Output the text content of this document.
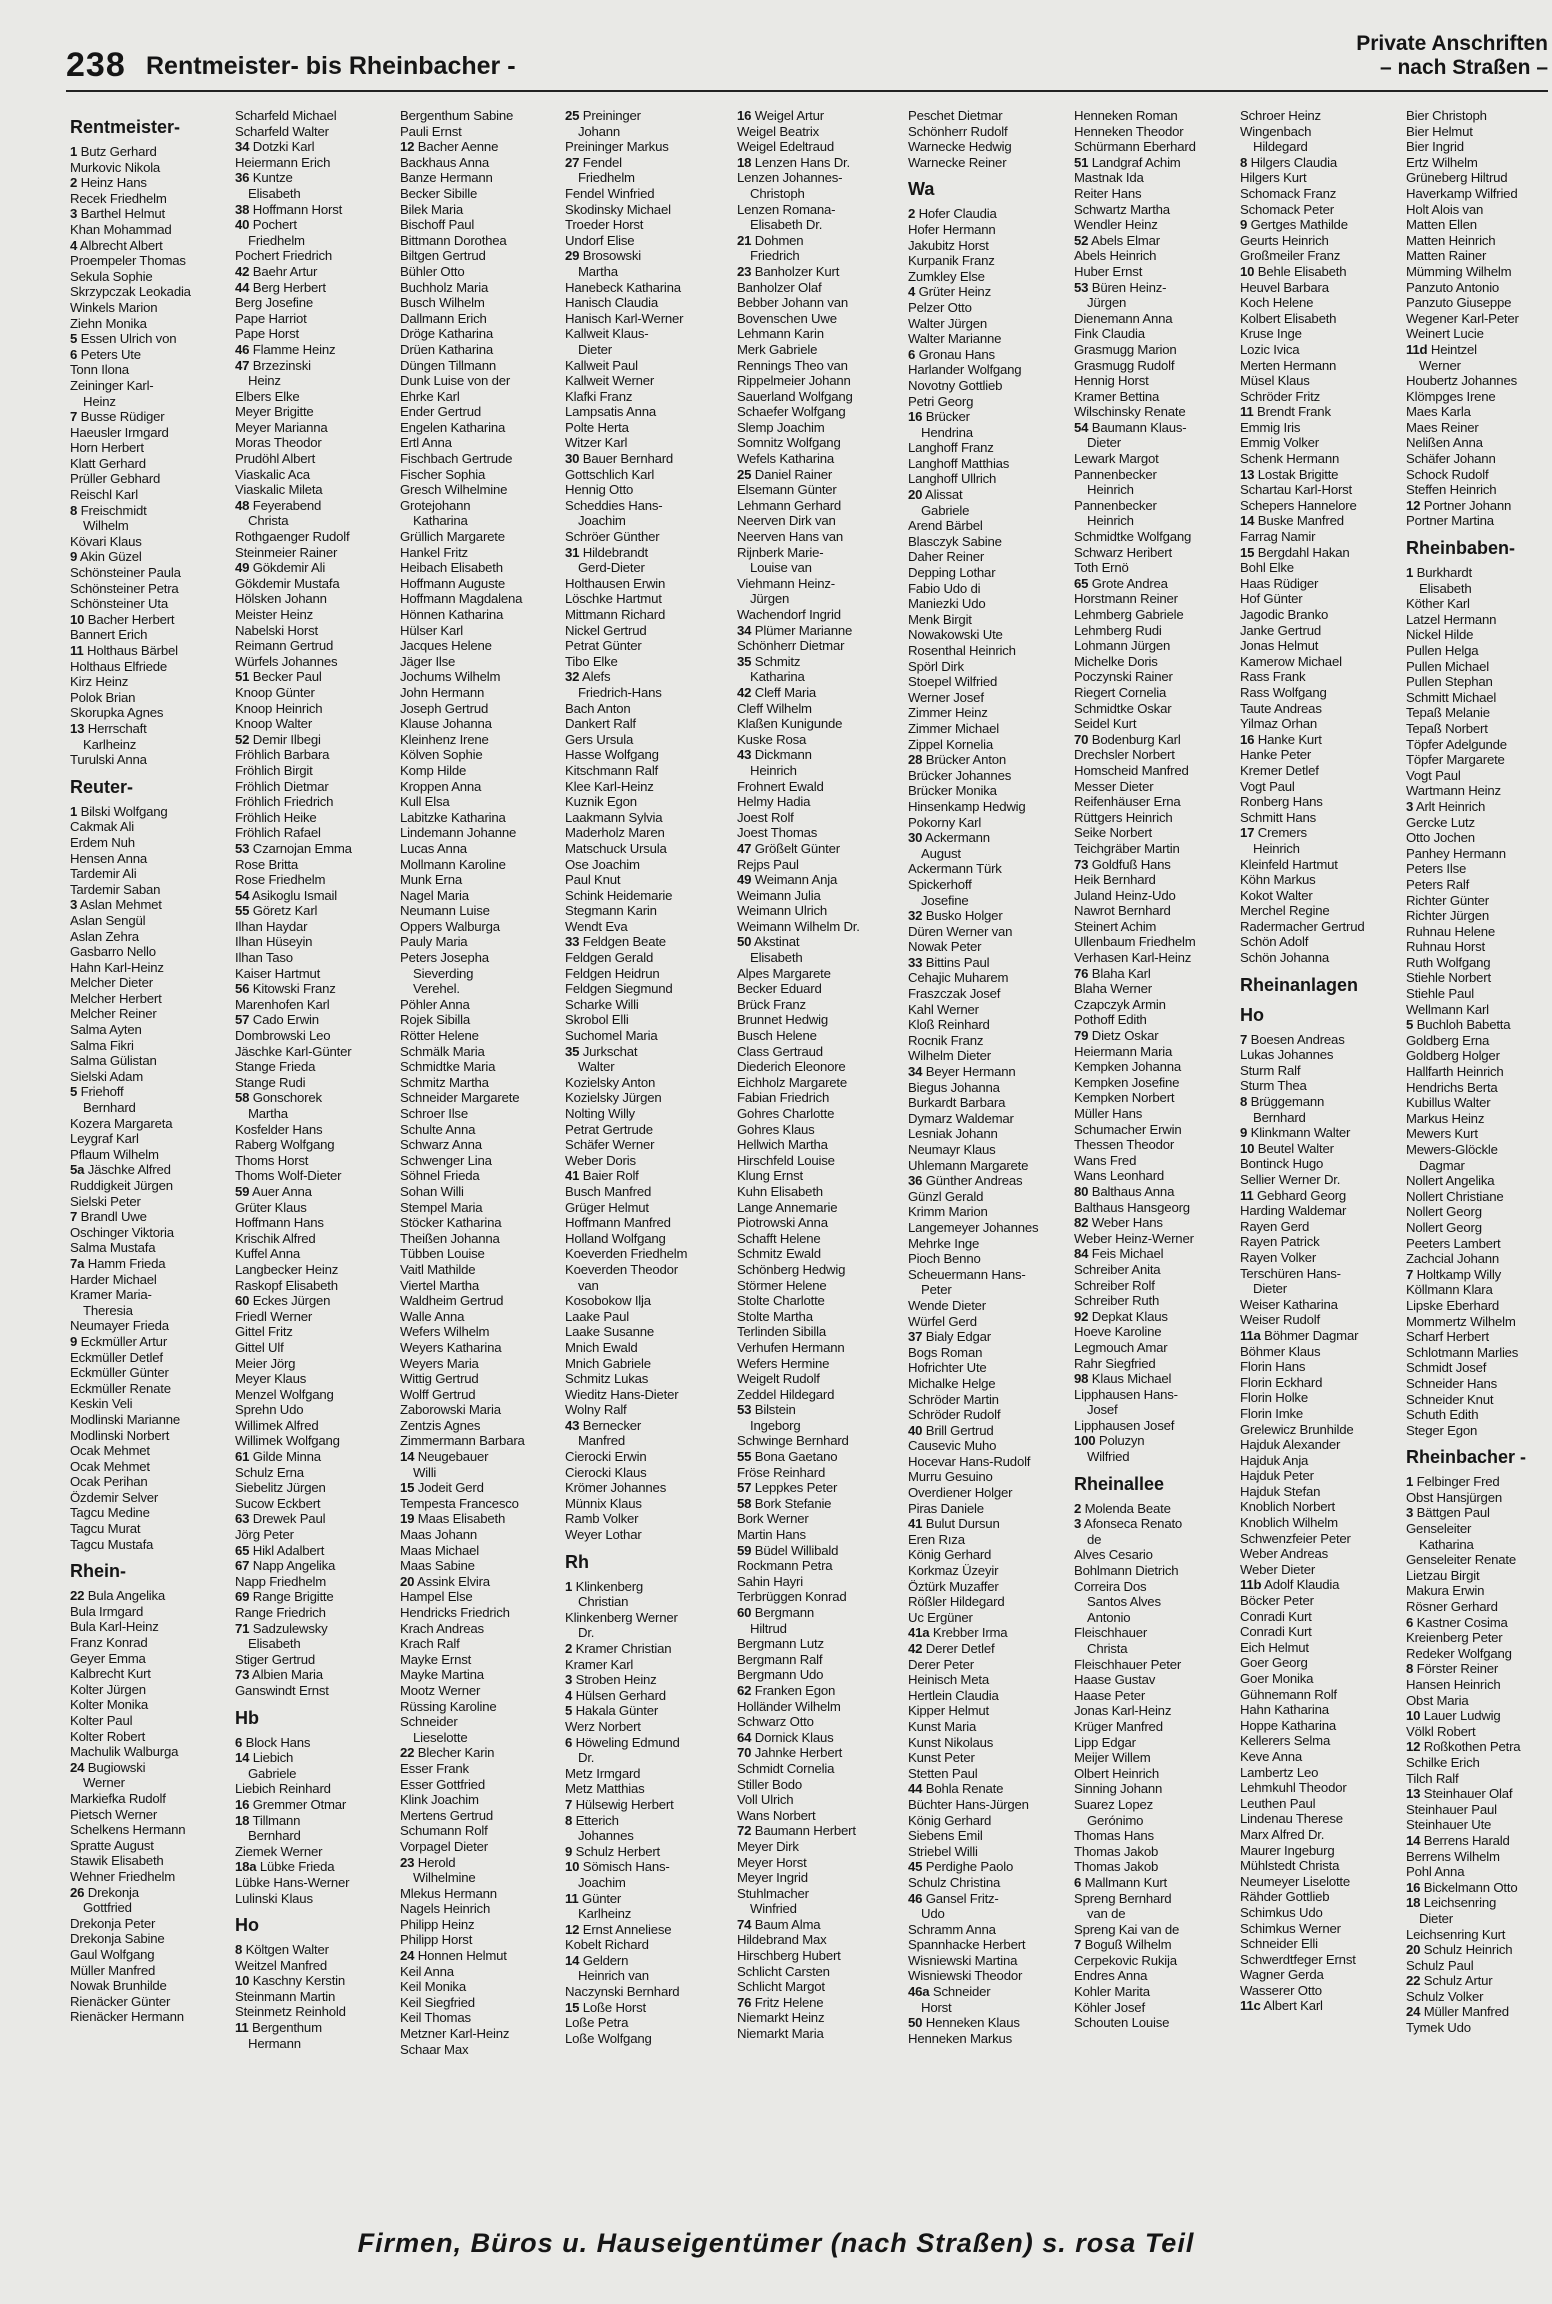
238 Rentmeister- bis Rheinbacher -
Private Anschriften
– nach Straßen –
Rentmeister-
1 Butz Gerhard
Murkovic Nikola
2 Heinz Hans
Recek Friedhelm
3 Barthel Helmut
Khan Mohammad
4 Albrecht Albert
Proempeler Thomas
Sekula Sophie
Skrzypczak Leokadia
Winkels Marion
Ziehn Monika
5 Essen Ulrich von
6 Peters Ute
Tonn Ilona
Zeininger Karl-
Heinz
7 Busse Rüdiger
Haeusler Irmgard
Horn Herbert
Klatt Gerhard
Prüller Gebhard
Reischl Karl
8 Freischmidt
Wilhelm
Kövari Klaus
9 Akin Güzel
Schönsteiner Paula
Schönsteiner Petra
Schönsteiner Uta
10 Bacher Herbert
Bannert Erich
11 Holthaus Bärbel
Holthaus Elfriede
Kirz Heinz
Polok Brian
Skorupka Agnes
13 Herrschaft
Karlheinz
Turulski Anna
Reuter-
1 Bilski Wolfgang
Cakmak Ali
Erdem Nuh
Hensen Anna
Tardemir Ali
Tardemir Saban
3 Aslan Mehmet
Aslan Sengül
Aslan Zehra
Gasbarro Nello
Hahn Karl-Heinz
Melcher Dieter
Melcher Herbert
Melcher Reiner
Salma Ayten
Salma Fikri
Salma Gülistan
Sielski Adam
5 Friehoff
Bernhard
Kozera Margareta
Leygraf Karl
Pflaum Wilhelm
5a Jäschke Alfred
Ruddigkeit Jürgen
Sielski Peter
7 Brandl Uwe
Oschinger Viktoria
Salma Mustafa
7a Hamm Frieda
Harder Michael
Kramer Maria-
Theresia
Neumayer Frieda
9 Eckmüller Artur
Eckmüller Detlef
Eckmüller Günter
Eckmüller Renate
Keskin Veli
Modlinski Marianne
Modlinski Norbert
Ocak Mehmet
Ocak Mehmet
Ocak Perihan
Özdemir Selver
Tagcu Medine
Tagcu Murat
Tagcu Mustafa
Rhein-
22 Bula Angelika
Bula Irmgard
Bula Karl-Heinz
Franz Konrad
Geyer Emma
Kalbrecht Kurt
Kolter Jürgen
Kolter Monika
Kolter Paul
Kolter Robert
Machulik Walburga
24 Bugiowski
Werner
Markiefka Rudolf
Pietsch Werner
Schelkens Hermann
Spratte August
Stawik Elisabeth
Wehner Friedhelm
26 Drekonja
Gottfried
Drekonja Peter
Drekonja Sabine
Gaul Wolfgang
Müller Manfred
Nowak Brunhilde
Rienäcker Günter
Rienäcker Hermann
Scharfeld Michael
Scharfeld Walter
34 Dotzki Karl
Heiermann Erich
36 Kuntze
Elisabeth
38 Hoffmann Horst
40 Pochert
Friedhelm
Pochert Friedrich
42 Baehr Artur
44 Berg Herbert
Berg Josefine
Pape Harriot
Pape Horst
46 Flamme Heinz
47 Brzezinski
Heinz
Elbers Elke
Meyer Brigitte
Meyer Marianna
Moras Theodor
Prudöhl Albert
Viaskalic Aca
Viaskalic Mileta
48 Feyerabend
Christa
Rothgaenger Rudolf
Steinmeier Rainer
49 Gökdemir Ali
Gökdemir Mustafa
Hölsken Johann
Meister Heinz
Nabelski Horst
Reimann Gertrud
Würfels Johannes
51 Becker Paul
Knoop Günter
Knoop Heinrich
Knoop Walter
52 Demir Ilbegi
Fröhlich Barbara
Fröhlich Birgit
Fröhlich Dietmar
Fröhlich Friedrich
Fröhlich Heike
Fröhlich Rafael
53 Czarnojan Emma
Rose Britta
Rose Friedhelm
54 Asikoglu Ismail
55 Göretz Karl
Ilhan Haydar
Ilhan Hüseyin
Ilhan Taso
Kaiser Hartmut
56 Kitowski Franz
Marenhofen Karl
57 Cado Erwin
Dombrowski Leo
Jäschke Karl-Günter
Stange Frieda
Stange Rudi
58 Gonschorek
Martha
Kosfelder Hans
Raberg Wolfgang
Thoms Horst
Thoms Wolf-Dieter
59 Auer Anna
Grüter Klaus
Hoffmann Hans
Krischik Alfred
Kuffel Anna
Langbecker Heinz
Raskopf Elisabeth
60 Eckes Jürgen
Friedl Werner
Gittel Fritz
Gittel Ulf
Meier Jörg
Meyer Klaus
Menzel Wolfgang
Sprehn Udo
Willimek Alfred
Willimek Wolfgang
61 Gilde Minna
Schulz Erna
Siebelitz Jürgen
Sucow Eckbert
63 Drewek Paul
Jörg Peter
65 Hikl Adalbert
67 Napp Angelika
Napp Friedhelm
69 Range Brigitte
Range Friedrich
71 Sadzulewsky
Elisabeth
Stiger Gertrud
73 Albien Maria
Ganswindt Ernst
Hb
6 Block Hans
14 Liebich
Gabriele
Liebich Reinhard
16 Gremmer Otmar
18 Tillmann
Bernhard
Ziemek Werner
18a Lübke Frieda
Lübke Hans-Werner
Lulinski Klaus
Ho
8 Költgen Walter
Weitzel Manfred
10 Kaschny Kerstin
Steinmann Martin
Steinmetz Reinhold
11 Bergenthum
Hermann
Bergenthum Sabine
Pauli Ernst
12 Bacher Aenne
Backhaus Anna
Banze Hermann
Becker Sibille
Bilek Maria
Bischoff Paul
Bittmann Dorothea
Biltgen Gertrud
Bühler Otto
Buchholz Maria
Busch Wilhelm
Dallmann Erich
Dröge Katharina
Drüen Katharina
Düngen Tillmann
Dunk Luise von der
Ehrke Karl
Ender Gertrud
Engelen Katharina
Ertl Anna
Fischbach Gertrude
Fischer Sophia
Gresch Wilhelmine
Grotejohann
Katharina
Grüllich Margarete
Hankel Fritz
Heibach Elisabeth
Hoffmann Auguste
Hoffmann Magdalena
Hönnen Katharina
Hülser Karl
Jacques Helene
Jäger Ilse
Jochums Wilhelm
John Hermann
Joseph Gertrud
Klause Johanna
Kleinhenz Irene
Kölven Sophie
Komp Hilde
Kroppen Anna
Kull Elsa
Labitzke Katharina
Lindemann Johanne
Lucas Anna
Mollmann Karoline
Munk Erna
Nagel Maria
Neumann Luise
Oppers Walburga
Pauly Maria
Peters Josepha
Sieverding
Verehel.
Pöhler Anna
Rojek Sibilla
Rötter Helene
Schmälk Maria
Schmidtke Maria
Schmitz Martha
Schneider Margarete
Schroer Ilse
Schulte Anna
Schwarz Anna
Schwenger Lina
Söhnel Frieda
Sohan Willi
Stempel Maria
Stöcker Katharina
Theißen Johanna
Tübben Louise
Vaitl Mathilde
Viertel Martha
Waldheim Gertrud
Walle Anna
Wefers Wilhelm
Weyers Katharina
Weyers Maria
Wittig Gertrud
Wolff Gertrud
Zaborowski Maria
Zentzis Agnes
Zimmermann Barbara
14 Neugebauer
Willi
15 Jodeit Gerd
Tempesta Francesco
19 Maas Elisabeth
Maas Johann
Maas Michael
Maas Sabine
20 Assink Elvira
Hampel Else
Hendricks Friedrich
Krach Andreas
Krach Ralf
Mayke Ernst
Mayke Martina
Mootz Werner
Rüssing Karoline
Schneider
Lieselotte
22 Blecher Karin
Esser Frank
Esser Gottfried
Klink Joachim
Mertens Gertrud
Schumann Rolf
Vorpagel Dieter
23 Herold
Wilhelmine
Mlekus Hermann
Nagels Heinrich
Philipp Heinz
Philipp Horst
24 Honnen Helmut
Keil Anna
Keil Monika
Keil Siegfried
Keil Thomas
Metzner Karl-Heinz
Schaar Max
25 Preininger
Johann
Preininger Markus
27 Fendel
Friedhelm
Fendel Winfried
Skodinsky Michael
Troeder Horst
Undorf Elise
29 Brosowski
Martha
Hanebeck Katharina
Hanisch Claudia
Hanisch Karl-Werner
Kallweit Klaus-
Dieter
Kallweit Paul
Kallweit Werner
Klafki Franz
Lampsatis Anna
Polte Herta
Witzer Karl
30 Bauer Bernhard
Gottschlich Karl
Hennig Otto
Scheddies Hans-
Joachim
Schröer Günther
31 Hildebrandt
Gerd-Dieter
Holthausen Erwin
Löschke Hartmut
Mittmann Richard
Nickel Gertrud
Petrat Günter
Tibo Elke
32 Alefs
Friedrich-Hans
Bach Anton
Dankert Ralf
Gers Ursula
Hasse Wolfgang
Kitschmann Ralf
Klee Karl-Heinz
Kuznik Egon
Laakmann Sylvia
Maderholz Maren
Matschuck Ursula
Ose Joachim
Paul Knut
Schink Heidemarie
Stegmann Karin
Wendt Eva
33 Feldgen Beate
Feldgen Gerald
Feldgen Heidrun
Feldgen Siegmund
Scharke Willi
Skrobol Elli
Suchomel Maria
35 Jurkschat
Walter
Kozielsky Anton
Kozielsky Jürgen
Nolting Willy
Petrat Gertrude
Schäfer Werner
Weber Doris
41 Baier Rolf
Busch Manfred
Grüger Helmut
Hoffmann Manfred
Holland Wolfgang
Koeverden Friedhelm
Koeverden Theodor
van
Kosobokow Ilja
Laake Paul
Laake Susanne
Mnich Ewald
Mnich Gabriele
Schmitz Lukas
Wieditz Hans-Dieter
Wolny Ralf
43 Bernecker
Manfred
Cierocki Erwin
Cierocki Klaus
Krömer Johannes
Münnix Klaus
Ramb Volker
Weyer Lothar
Rh
1 Klinkenberg
Christian
Klinkenberg Werner
Dr.
2 Kramer Christian
Kramer Karl
3 Stroben Heinz
4 Hülsen Gerhard
5 Hakala Günter
Werz Norbert
6 Höweling Edmund
Dr.
Metz Irmgard
Metz Matthias
7 Hülsewig Herbert
8 Etterich
Johannes
9 Schulz Herbert
10 Sömisch Hans-
Joachim
11 Günter
Karlheinz
12 Ernst Anneliese
Kobelt Richard
14 Geldern
Heinrich van
Naczynski Bernhard
15 Loße Horst
Loße Petra
Loße Wolfgang
16 Weigel Artur
Weigel Beatrix
Weigel Edeltraud
18 Lenzen Hans Dr.
Lenzen Johannes-
Christoph
Lenzen Romana-
Elisabeth Dr.
21 Dohmen
Friedrich
23 Banholzer Kurt
Banholzer Olaf
Bebber Johann van
Bovenschen Uwe
Lehmann Karin
Merk Gabriele
Rennings Theo van
Rippelmeier Johann
Sauerland Wolfgang
Schaefer Wolfgang
Slemp Joachim
Somnitz Wolfgang
Wefels Katharina
25 Daniel Rainer
Elsemann Günter
Lehmann Gerhard
Neerven Dirk van
Neerven Hans van
Rijnberk Marie-
Louise van
Viehmann Heinz-
Jürgen
Wachendorf Ingrid
34 Plümer Marianne
Schönherr Dietmar
35 Schmitz
Katharina
42 Cleff Maria
Cleff Wilhelm
Klaßen Kunigunde
Kuske Rosa
43 Dickmann
Heinrich
Frohnert Ewald
Helmy Hadia
Joest Rolf
Joest Thomas
47 Größelt Günter
Rejps Paul
49 Weimann Anja
Weimann Julia
Weimann Ulrich
Weimann Wilhelm Dr.
50 Akstinat
Elisabeth
Alpes Margarete
Becker Eduard
Brück Franz
Brunnet Hedwig
Busch Helene
Class Gertraud
Diederich Eleonore
Eichholz Margarete
Fabian Friedrich
Gohres Charlotte
Gohres Klaus
Hellwich Martha
Hirschfeld Louise
Klung Ernst
Kuhn Elisabeth
Lange Annemarie
Piotrowski Anna
Schafft Helene
Schmitz Ewald
Schönberg Hedwig
Störmer Helene
Stolte Charlotte
Stolte Martha
Terlinden Sibilla
Verhufen Hermann
Wefers Hermine
Weigelt Rudolf
Zeddel Hildegard
53 Bilstein
Ingeborg
Schwinge Bernhard
55 Bona Gaetano
Fröse Reinhard
57 Leppkes Peter
58 Bork Stefanie
Bork Werner
Martin Hans
59 Büdel Willibald
Rockmann Petra
Sahin Hayri
Terbrüggen Konrad
60 Bergmann
Hiltrud
Bergmann Lutz
Bergmann Ralf
Bergmann Udo
62 Franken Egon
Holländer Wilhelm
Schwarz Otto
64 Dornick Klaus
70 Jahnke Herbert
Schmidt Cornelia
Stiller Bodo
Voll Ulrich
Wans Norbert
72 Baumann Herbert
Meyer Dirk
Meyer Horst
Meyer Ingrid
Stuhlmacher
Winfried
74 Baum Alma
Hildebrand Max
Hirschberg Hubert
Schlicht Carsten
Schlicht Margot
76 Fritz Helene
Niemarkt Heinz
Niemarkt Maria
Peschet Dietmar
Schönherr Rudolf
Warnecke Hedwig
Warnecke Reiner
Wa
2 Hofer Claudia
Hofer Hermann
Jakubitz Horst
Kurpanik Franz
Zumkley Else
4 Grüter Heinz
Pelzer Otto
Walter Jürgen
Walter Marianne
6 Gronau Hans
Harlander Wolfgang
Novotny Gottlieb
Petri Georg
16 Brücker
Hendrina
Langhoff Franz
Langhoff Matthias
Langhoff Ullrich
20 Alissat
Gabriele
Arend Bärbel
Blasczyk Sabine
Daher Reiner
Depping Lothar
Fabio Udo di
Maniezki Udo
Menk Birgit
Nowakowski Ute
Rosenthal Heinrich
Spörl Dirk
Stoepel Wilfried
Werner Josef
Zimmer Heinz
Zimmer Michael
Zippel Kornelia
28 Brücker Anton
Brücker Johannes
Brücker Monika
Hinsenkamp Hedwig
Pokorny Karl
30 Ackermann
August
Ackermann Türk
Spickerhoff
Josefine
32 Busko Holger
Düren Werner van
Nowak Peter
33 Bittins Paul
Cehajic Muharem
Fraszczak Josef
Kahl Werner
Kloß Reinhard
Rocnik Franz
Wilhelm Dieter
34 Beyer Hermann
Biegus Johanna
Burkardt Barbara
Dymarz Waldemar
Lesniak Johann
Neumayr Klaus
Uhlemann Margarete
36 Günther Andreas
Günzl Gerald
Krimm Marion
Langemeyer Johannes
Mehrke Inge
Pioch Benno
Scheuermann Hans-
Peter
Wende Dieter
Würfel Gerd
37 Bialy Edgar
Bogs Roman
Hofrichter Ute
Michalke Helge
Schröder Martin
Schröder Rudolf
40 Brill Gertrud
Causevic Muho
Hocevar Hans-Rudolf
Murru Gesuino
Overdiener Holger
Piras Daniele
41 Bulut Dursun
Eren Rıza
König Gerhard
Korkmaz Üzeyir
Öztürk Muzaffer
Rößler Hildegard
Uc Ergüner
41a Krebber Irma
42 Derer Detlef
Derer Peter
Heinisch Meta
Hertlein Claudia
Kipper Helmut
Kunst Maria
Kunst Nikolaus
Kunst Peter
Stetten Paul
44 Bohla Renate
Büchter Hans-Jürgen
König Gerhard
Siebens Emil
Striebel Willi
45 Perdighe Paolo
Schulz Christina
46 Gansel Fritz-
Udo
Schramm Anna
Spannhacke Herbert
Wisniewski Martina
Wisniewski Theodor
46a Schneider
Horst
50 Henneken Klaus
Henneken Markus
Henneken Roman
Henneken Theodor
Schürmann Eberhard
51 Landgraf Achim
Mastnak Ida
Reiter Hans
Schwartz Martha
Wendler Heinz
52 Abels Elmar
Abels Heinrich
Huber Ernst
53 Büren Heinz-
Jürgen
Dienemann Anna
Fink Claudia
Grasmugg Marion
Grasmugg Rudolf
Hennig Horst
Kramer Bettina
Wilschinsky Renate
54 Baumann Klaus-
Dieter
Lewark Margot
Pannenbecker
Heinrich
Pannenbecker
Heinrich
Schmidtke Wolfgang
Schwarz Heribert
Toth Ernö
65 Grote Andrea
Horstmann Reiner
Lehmberg Gabriele
Lehmberg Rudi
Lohmann Jürgen
Michelke Doris
Poczynski Rainer
Riegert Cornelia
Schmidtke Oskar
Seidel Kurt
70 Bodenburg Karl
Drechsler Norbert
Homscheid Manfred
Messer Dieter
Reifenhäuser Erna
Rüttgers Heinrich
Seike Norbert
Teichgräber Martin
73 Goldfuß Hans
Heik Bernhard
Juland Heinz-Udo
Nawrot Bernhard
Steinert Achim
Ullenbaum Friedhelm
Verhasen Karl-Heinz
76 Blaha Karl
Blaha Werner
Czapczyk Armin
Pothoff Edith
79 Dietz Oskar
Heiermann Maria
Kempken Johanna
Kempken Josefine
Kempken Norbert
Müller Hans
Schumacher Erwin
Thessen Theodor
Wans Fred
Wans Leonhard
80 Balthaus Anna
Balthaus Hansgeorg
82 Weber Hans
Weber Heinz-Werner
84 Feis Michael
Schreiber Anita
Schreiber Rolf
Schreiber Ruth
92 Depkat Klaus
Hoeve Karoline
Legmouch Amar
Rahr Siegfried
98 Klaus Michael
Lipphausen Hans-
Josef
Lipphausen Josef
100 Poluzyn
Wilfried
Rheinallee
2 Molenda Beate
3 Afonseca Renato
de
Alves Cesario
Bohlmann Dietrich
Correira Dos
Santos Alves
Antonio
Fleischhauer
Christa
Fleischhauer Peter
Haase Gustav
Haase Peter
Jonas Karl-Heinz
Krüger Manfred
Lipp Edgar
Meijer Willem
Olbert Heinrich
Sinning Johann
Suarez Lopez
Gerónimo
Thomas Hans
Thomas Jakob
Thomas Jakob
6 Mallmann Kurt
Spreng Bernhard
van de
Spreng Kai van de
7 Boguß Wilhelm
Cerpekovic Rukija
Endres Anna
Kohler Marita
Köhler Josef
Schouten Louise
Schroer Heinz
Wingenbach
Hildegard
8 Hilgers Claudia
Hilgers Kurt
Schomack Franz
Schomack Peter
9 Gertges Mathilde
Geurts Heinrich
Großmeiler Franz
10 Behle Elisabeth
Heuvel Barbara
Koch Helene
Kolbert Elisabeth
Kruse Inge
Lozic Ivica
Merten Hermann
Müsel Klaus
Schröder Fritz
11 Brendt Frank
Emmig Iris
Emmig Volker
Schenk Hermann
13 Lostak Brigitte
Schartau Karl-Horst
Schepers Hannelore
14 Buske Manfred
Farrag Namir
15 Bergdahl Hakan
Bohl Elke
Haas Rüdiger
Hof Günter
Jagodic Branko
Janke Gertrud
Jonas Helmut
Kamerow Michael
Rass Frank
Rass Wolfgang
Taute Andreas
Yilmaz Orhan
16 Hanke Kurt
Hanke Peter
Kremer Detlef
Vogt Paul
Ronberg Hans
Schmitt Hans
17 Cremers
Heinrich
Kleinfeld Hartmut
Köhn Markus
Kokot Walter
Merchel Regine
Radermacher Gertrud
Schön Adolf
Schön Johanna
Rheinanlagen
Ho
7 Boesen Andreas
Lukas Johannes
Sturm Ralf
Sturm Thea
8 Brüggemann
Bernhard
9 Klinkmann Walter
10 Beutel Walter
Bontinck Hugo
Sellier Werner Dr.
11 Gebhard Georg
Harding Waldemar
Rayen Gerd
Rayen Patrick
Rayen Volker
Terschüren Hans-
Dieter
Weiser Katharina
Weiser Rudolf
11a Böhmer Dagmar
Böhmer Klaus
Florin Hans
Florin Eckhard
Florin Holke
Florin Imke
Grelewicz Brunhilde
Hajduk Alexander
Hajduk Anja
Hajduk Peter
Hajduk Stefan
Knoblich Norbert
Knoblich Wilhelm
Schwenzfeier Peter
Weber Andreas
Weber Dieter
11b Adolf Klaudia
Böcker Peter
Conradi Kurt
Conradi Kurt
Eich Helmut
Goer Georg
Goer Monika
Gühnemann Rolf
Hahn Katharina
Hoppe Katharina
Kellerers Selma
Keve Anna
Lambertz Leo
Lehmkuhl Theodor
Leuthen Paul
Lindenau Therese
Marx Alfred Dr.
Maurer Ingeburg
Mühlstedt Christa
Neumeyer Liselotte
Rähder Gottlieb
Schimkus Udo
Schimkus Werner
Schneider Elli
Schwerdtfeger Ernst
Wagner Gerda
Wasserer Otto
11c Albert Karl
Bier Christoph
Bier Helmut
Bier Ingrid
Ertz Wilhelm
Grüneberg Hiltrud
Haverkamp Wilfried
Holt Alois van
Matten Ellen
Matten Heinrich
Matten Rainer
Mümming Wilhelm
Panzuto Antonio
Panzuto Giuseppe
Wegener Karl-Peter
Weinert Lucie
11d Heintzel
Werner
Houbertz Johannes
Klömpges Irene
Maes Karla
Maes Reiner
Nelißen Anna
Schäfer Johann
Schock Rudolf
Steffen Heinrich
12 Portner Johann
Portner Martina
Rheinbaben-
1 Burkhardt
Elisabeth
Köther Karl
Latzel Hermann
Nickel Hilde
Pullen Helga
Pullen Michael
Pullen Stephan
Schmitt Michael
Tepaß Melanie
Tepaß Norbert
Töpfer Adelgunde
Töpfer Margarete
Vogt Paul
Wartmann Heinz
3 Arlt Heinrich
Gercke Lutz
Otto Jochen
Panhey Hermann
Peters Ilse
Peters Ralf
Richter Günter
Richter Jürgen
Ruhnau Helene
Ruhnau Horst
Ruth Wolfgang
Stiehle Norbert
Stiehle Paul
Wellmann Karl
5 Buchloh Babetta
Goldberg Erna
Goldberg Holger
Hallfarth Heinrich
Hendrichs Berta
Kubillus Walter
Markus Heinz
Mewers Kurt
Mewers-Glöckle
Dagmar
Nollert Angelika
Nollert Christiane
Nollert Georg
Nollert Georg
Peeters Lambert
Zachcial Johann
7 Holtkamp Willy
Köllmann Klara
Lipske Eberhard
Mommertz Wilhelm
Scharf Herbert
Schlotmann Marlies
Schmidt Josef
Schneider Hans
Schneider Knut
Schuth Edith
Steger Egon
Rheinbacher -
1 Felbinger Fred
Obst Hansjürgen
3 Bättgen Paul
Genseleiter
Katharina
Genseleiter Renate
Lietzau Birgit
Makura Erwin
Rösner Gerhard
6 Kastner Cosima
Kreienberg Peter
Redeker Wolfgang
8 Förster Reiner
Hansen Heinrich
Obst Maria
10 Lauer Ludwig
Völkl Robert
12 Roßkothen Petra
Schilke Erich
Tilch Ralf
13 Steinhauer Olaf
Steinhauer Paul
Steinhauer Ute
14 Berrens Harald
Berrens Wilhelm
Pohl Anna
16 Bickelmann Otto
18 Leichsenring
Dieter
Leichsenring Kurt
20 Schulz Heinrich
Schulz Paul
22 Schulz Artur
Schulz Volker
24 Müller Manfred
Tymek Udo
Firmen, Büros u. Hauseigentümer (nach Straßen) s. rosa Teil
